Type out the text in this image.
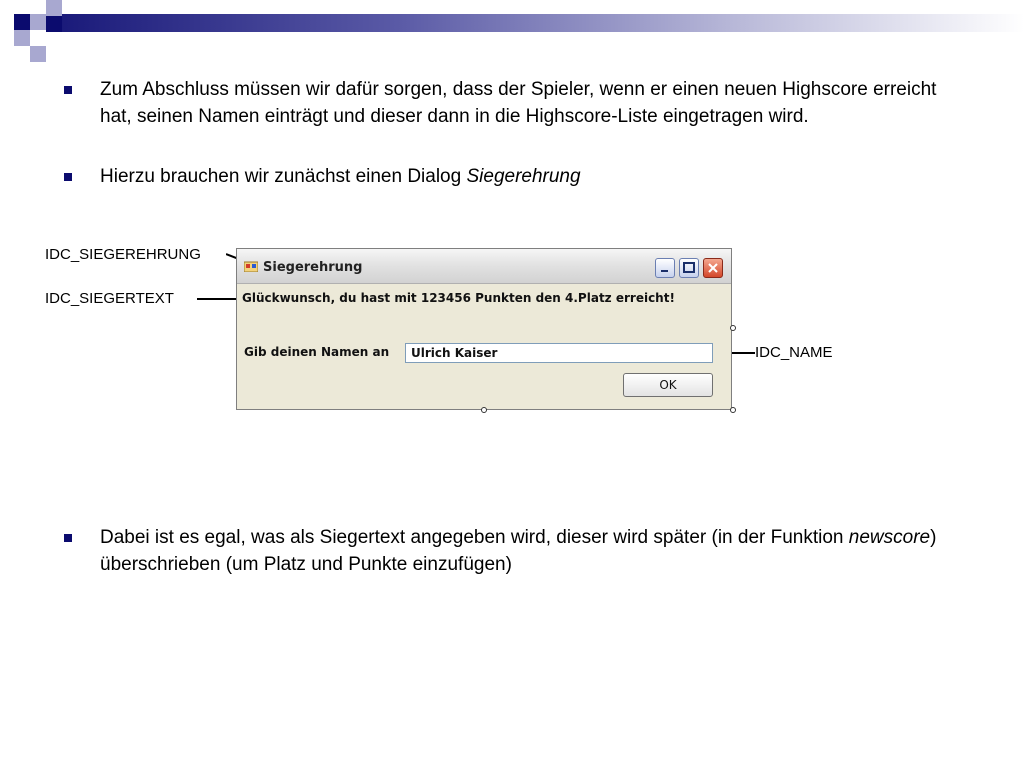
Zum Abschluss müssen wir dafür sorgen, dass der Spieler, wenn er einen neuen Highscore erreicht hat, seinen Namen einträgt und dieser dann in die Highscore-Liste eingetragen wird.
Hierzu brauchen wir zunächst einen Dialog Siegerehrung
IDC_SIEGEREHRUNG
IDC_SIEGERTEXT
IDC_NAME
Siegerehrung
Glückwunsch, du hast mit 123456 Punkten den 4.Platz erreicht!
Gib deinen Namen an
Ulrich Kaiser
OK
Dabei ist es egal, was als Siegertext angegeben wird, dieser wird später (in der Funktion newscore) überschrieben (um Platz und Punkte einzufügen)
